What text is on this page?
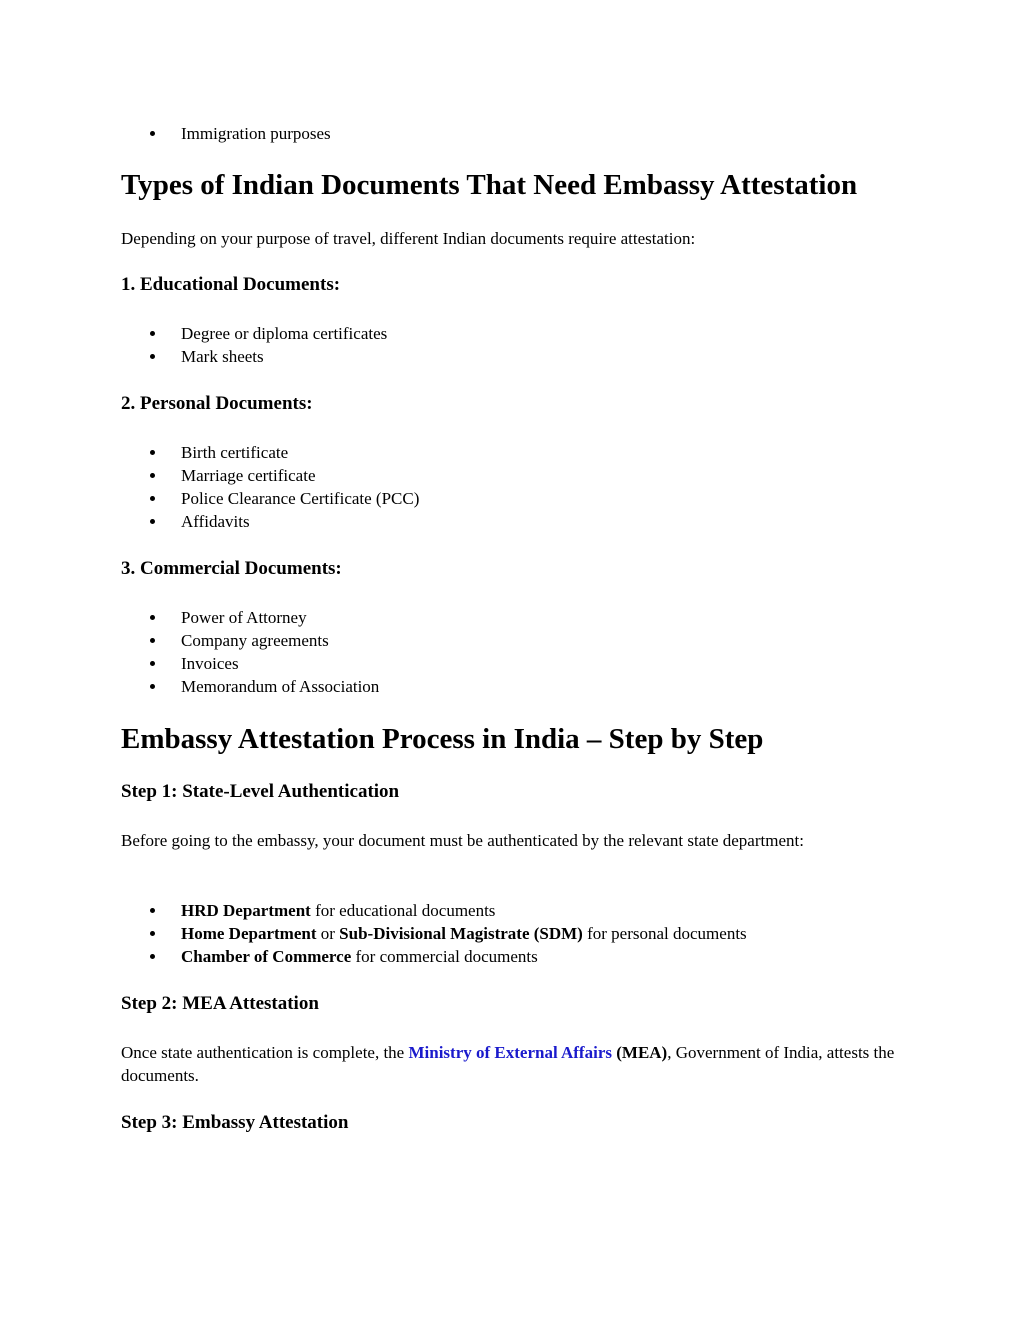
Immigration purposes
Types of Indian Documents That Need Embassy Attestation

Depending on your purpose of travel, different Indian documents require attestation:

1. Educational Documents:
Degree or diploma certificates
Mark sheets
2. Personal Documents:
Birth certificate
Marriage certificate
Police Clearance Certificate (PCC)
Affidavits
3. Commercial Documents:
Power of Attorney
Company agreements
Invoices
Memorandum of Association
Embassy Attestation Process in India – Step by Step
Step 1: State-Level Authentication

Before going to the embassy, your document must be authenticated by the relevant state department:

HRD Department for educational documents
Home Department or Sub-Divisional Magistrate (SDM) for personal documents
Chamber of Commerce for commercial documents
Step 2: MEA Attestation

Once state authentication is complete, the Ministry of External Affairs (MEA), Government of India, attests the documents.

Step 3: Embassy Attestation
